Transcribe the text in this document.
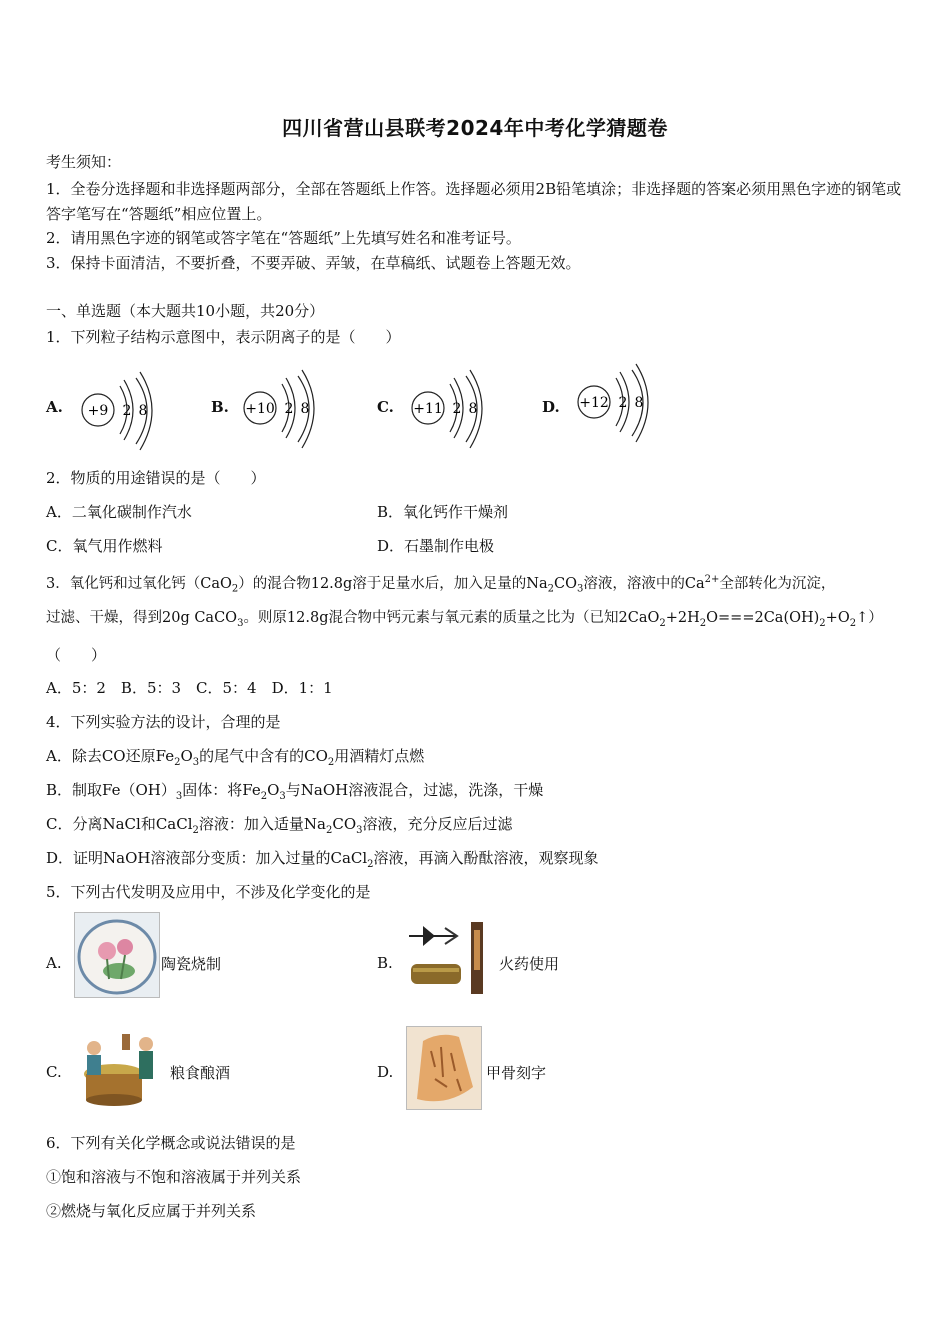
四川省营山县联考2024年中考化学猜题卷
考生须知：
1．全卷分选择题和非选择题两部分，全部在答题纸上作答。选择题必须用2B铅笔填涂；非选择题的答案必须用黑色字迹的钢笔或答字笔写在“答题纸”相应位置上。
2．请用黑色字迹的钢笔或答字笔在“答题纸”上先填写姓名和准考证号。
3．保持卡面清洁，不要折叠，不要弄破、弄皱，在草稿纸、试题卷上答题无效。
一、单选题（本大题共10小题，共20分）
1．下列粒子结构示意图中，表示阴离子的是（　　）
A. +9 2 8	B. +10 2 8	C. +11 2 8	D. +12 2 8
2．物质的用途错误的是（　　）
A．二氧化碳制作汽水	B．氧化钙作干燥剂
C．氧气用作燃料	D．石墨制作电极
3．氧化钙和过氧化钙（CaO$_2$）的混合物12.8g溶于足量水后，加入足量的$Na_2CO_3$溶液，溶液中的$Ca^{2+}$全部转化为沉淀，
过滤、干燥，得到20g CaCO$_3$。则原12.8g混合物中钙元素与氧元素的质量之比为（已知$2CaO_2+2H_2O===2Ca(OH)_2+O_2↑$）
（　　）
A．5：2　B．5：3　C．5：4　D．1：1
4．下列实验方法的设计，合理的是
A．除去CO还原$Fe_2O_3$的尾气中含有的$CO_2$用酒精灯点燃
B．制取$Fe(OH)_3$固体：将$Fe_2O_3$与NaOH溶液混合，过滤，洗涤，干燥
C．分离NaCl和CaCl$_2$溶液：加入适量$Na_2CO_3$溶液，充分反应后过滤
D．证明NaOH溶液部分变质：加入过量的CaCl$_2$溶液，再滴入酚酞溶液，观察现象
5．下列古代发明及应用中，不涉及化学变化的是
A.	陶瓷烧制	B.	火药使用
C.	粮食酿酒	D.	甲骨刻字
6．下列有关化学概念或说法错误的是
①饱和溶液与不饱和溶液属于并列关系
②燃烧与氧化反应属于并列关系
